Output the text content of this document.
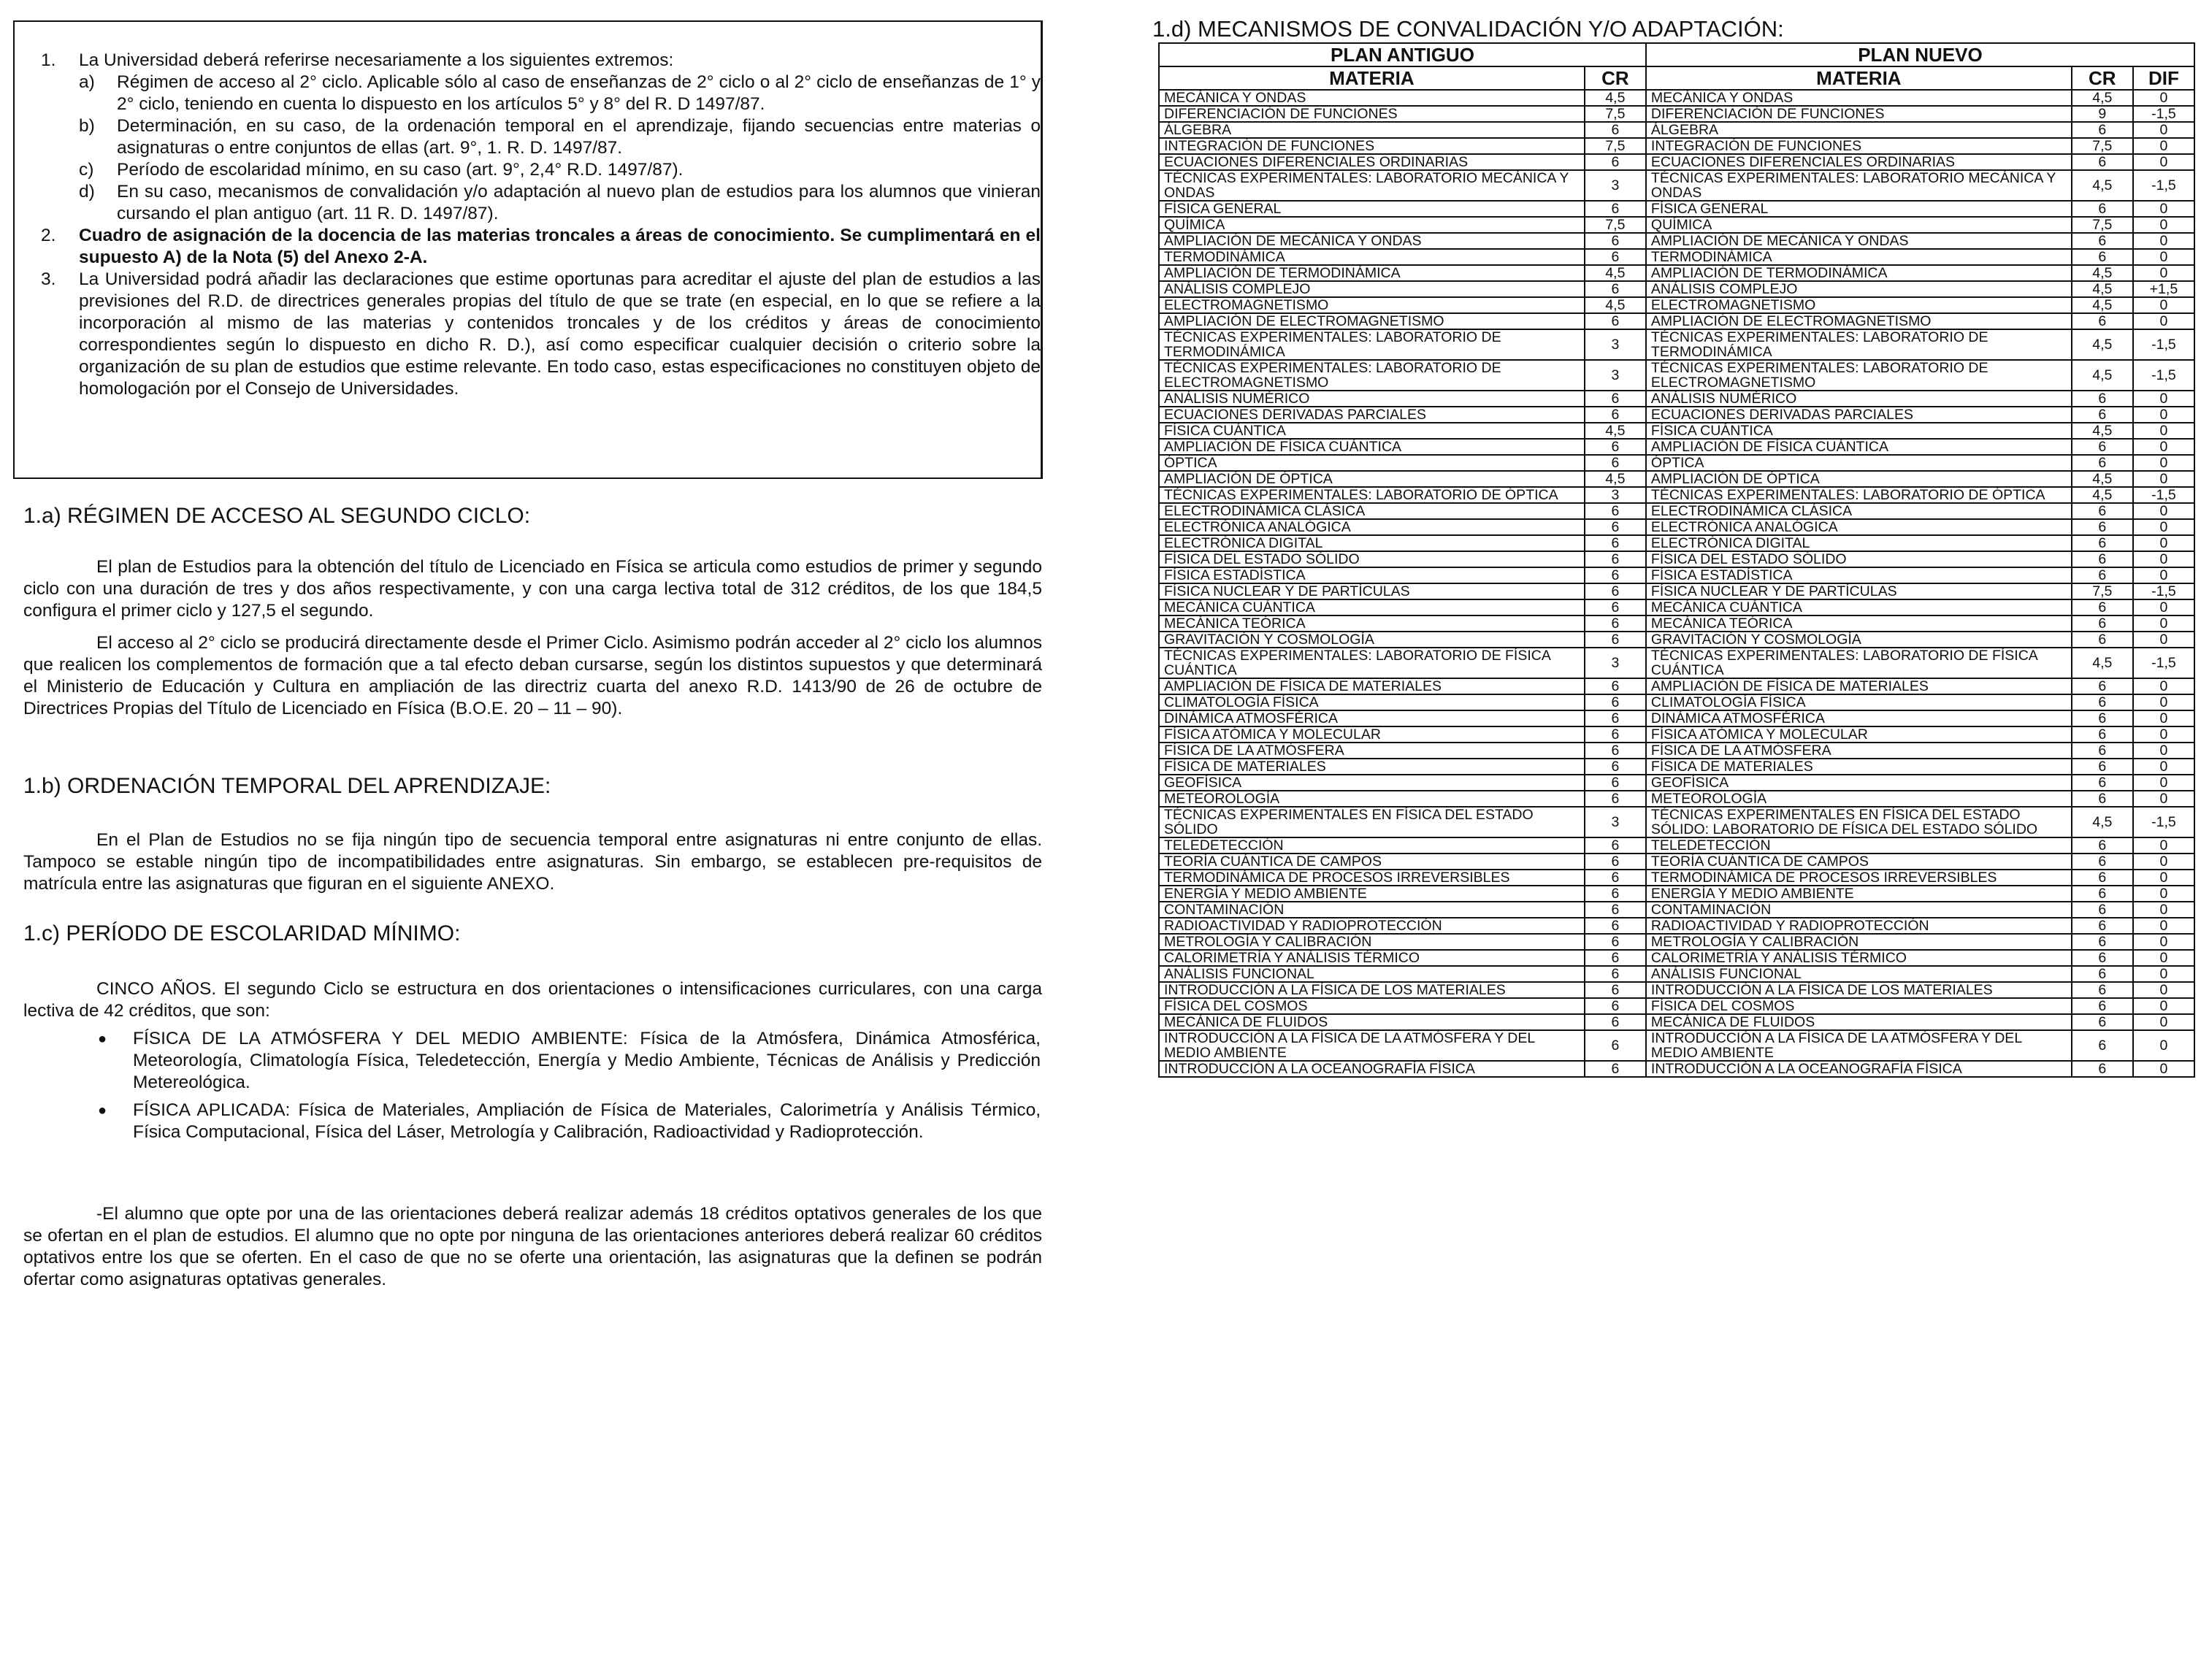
1. La Universidad deberá referirse necesariamente a los siguientes extremos:

a) Régimen de acceso al 2° ciclo. Aplicable sólo al caso de enseñanzas de 2° ciclo o al 2° ciclo de enseñanzas de 1° y 2° ciclo, teniendo en cuenta lo dispuesto en los artículos 5° y 8° del R. D 1497/87.
b) Determinación, en su caso, de la ordenación temporal en el aprendizaje, fijando secuencias entre materias o asignaturas o entre conjuntos de ellas (art. 9°, 1. R. D. 1497/87.
c) Período de escolaridad mínimo, en su caso (art. 9°, 2,4° R.D. 1497/87).
d) En su caso, mecanismos de convalidación y/o adaptación al nuevo plan de estudios para los alumnos que vinieran cursando el plan antiguo (art. 11 R. D. 1497/87).
2. Cuadro de asignación de la docencia de las materias troncales a áreas de conocimiento. Se cumplimentará en el supuesto A) de la Nota (5) del Anexo 2-A.

3. La Universidad podrá añadir las declaraciones que estime oportunas para acreditar el ajuste del plan de estudios a las previsiones del R.D. de directrices generales propias del título de que se trate (en especial, en lo que se refiere a la incorporación al mismo de las materias y contenidos troncales y de los créditos y áreas de conocimiento correspondientes según lo dispuesto en dicho R. D.), así como especificar cualquier decisión o criterio sobre la organización de su plan de estudios que estime relevante. En todo caso, estas especificaciones no constituyen objeto de homologación por el Consejo de Universidades.

1.a) RÉGIMEN DE ACCESO AL SEGUNDO CICLO:

El plan de Estudios para la obtención del título de Licenciado en Física se articula como estudios de primer y segundo ciclo con una duración de tres y dos años respectivamente, y con una carga lectiva total de 312 créditos, de los que 184,5 configura el primer ciclo y 127,5 el segundo.

El acceso al 2° ciclo se producirá directamente desde el Primer Ciclo. Asimismo podrán acceder al 2° ciclo los alumnos que realicen los complementos de formación que a tal efecto deban cursarse, según los distintos supuestos y que determinará el Ministerio de Educación y Cultura en ampliación de las directriz cuarta del anexo R.D. 1413/90 de 26 de octubre de Directrices Propias del Título de Licenciado en Física (B.O.E. 20 – 11 – 90).

1.b) ORDENACIÓN TEMPORAL DEL APRENDIZAJE:

En el Plan de Estudios no se fija ningún tipo de secuencia temporal entre asignaturas ni entre conjunto de ellas. Tampoco se estable ningún tipo de incompatibilidades entre asignaturas. Sin embargo, se establecen pre-requisitos de matrícula entre las asignaturas que figuran en el siguiente ANEXO.

1.c) PERÍODO DE ESCOLARIDAD MÍNIMO:

CINCO AÑOS. El segundo Ciclo se estructura en dos orientaciones o intensificaciones curriculares, con una carga lectiva de 42 créditos, que son:

● FÍSICA DE LA ATMÓSFERA Y DEL MEDIO AMBIENTE: Física de la Atmósfera, Dinámica Atmosférica, Meteorología, Climatología Física, Teledetección, Energía y Medio Ambiente, Técnicas de Análisis y Predicción Metereológica.
● FÍSICA APLICADA: Física de Materiales, Ampliación de Física de Materiales, Calorimetría y Análisis Térmico, Física Computacional, Física del Láser, Metrología y Calibración, Radioactividad y Radioprotección.

-El alumno que opte por una de las orientaciones deberá realizar además 18 créditos optativos generales de los que se ofertan en el plan de estudios. El alumno que no opte por ninguna de las orientaciones anteriores deberá realizar 60 créditos optativos entre los que se oferten. En el caso de que no se oferte una orientación, las asignaturas que la definen se podrán ofertar como asignaturas optativas generales.

1.d) MECANISMOS DE CONVALIDACIÓN Y/O ADAPTACIÓN:
PLAN ANTIGUO		PLAN NUEVO		
MATERIA	CR	MATERIA	CR	DIF
MECÁNICA Y ONDAS	4,5	MECÁNICA Y ONDAS	4,5	0
DIFERENCIACIÓN DE FUNCIONES	7,5	DIFERENCIACIÓN DE FUNCIONES	9	-1,5
ÁLGEBRA	6	ÁLGEBRA	6	0
INTEGRACIÓN DE FUNCIONES	7,5	INTEGRACIÓN DE FUNCIONES	7,5	0
ECUACIONES DIFERENCIALES ORDINARIAS	6	ECUACIONES DIFERENCIALES ORDINARIAS	6	0
TÉCNICAS EXPERIMENTALES: LABORATORIO MECÁNICA Y ONDAS	3	TÉCNICAS EXPERIMENTALES: LABORATORIO MECÁNICA Y ONDAS	4,5	-1,5
FÍSICA GENERAL	6	FÍSICA GENERAL	6	0
QUÍMICA	7,5	QUÍMICA	7,5	0
AMPLIACIÓN DE MECÁNICA Y ONDAS	6	AMPLIACIÓN DE MECÁNICA Y ONDAS	6	0
TERMODINÁMICA	6	TERMODINÁMICA	6	0
AMPLIACIÓN DE TERMODINÁMICA	4,5	AMPLIACIÓN DE TERMODINÁMICA	4,5	0
ANÁLISIS COMPLEJO	6	ANÁLISIS COMPLEJO	4,5	+1,5
ELECTROMAGNETISMO	4,5	ELECTROMAGNETISMO	4,5	0
AMPLIACIÓN DE ELECTROMAGNETISMO	6	AMPLIACIÓN DE ELECTROMAGNETISMO	6	0
TÉCNICAS EXPERIMENTALES: LABORATORIO DE TERMODINÁMICA	3	TÉCNICAS EXPERIMENTALES: LABORATORIO DE TERMODINÁMICA	4,5	-1,5
TÉCNICAS EXPERIMENTALES: LABORATORIO DE ELECTROMAGNETISMO	3	TÉCNICAS EXPERIMENTALES: LABORATORIO DE ELECTROMAGNETISMO	4,5	-1,5
ANÁLISIS NUMÉRICO	6	ANÁLISIS NUMÉRICO	6	0
ECUACIONES DERIVADAS PARCIALES	6	ECUACIONES DERIVADAS PARCIALES	6	0
FÍSICA CUÁNTICA	4,5	FÍSICA CUÁNTICA	4,5	0
AMPLIACIÓN DE FÍSICA CUÁNTICA	6	AMPLIACIÓN DE FÍSICA CUÁNTICA	6	0
ÓPTICA	6	ÓPTICA	6	0
AMPLIACIÓN DE ÓPTICA	4,5	AMPLIACIÓN DE ÓPTICA	4,5	0
TÉCNICAS EXPERIMENTALES: LABORATORIO DE ÓPTICA	3	TÉCNICAS EXPERIMENTALES: LABORATORIO DE ÓPTICA	4,5	-1,5
ELECTRODINÁMICA CLÁSICA	6	ELECTRODINÁMICA CLÁSICA	6	0
ELECTRÓNICA ANALÓGICA	6	ELECTRÓNICA ANALÓGICA	6	0
ELECTRÓNICA DIGITAL	6	ELECTRÓNICA DIGITAL	6	0
FÍSICA DEL ESTADO SÓLIDO	6	FÍSICA DEL ESTADO SÓLIDO	6	0
FÍSICA ESTADÍSTICA	6	FÍSICA ESTADÍSTICA	6	0
FÍSICA NUCLEAR Y DE PARTÍCULAS	6	FÍSICA NUCLEAR Y DE PARTÍCULAS	7,5	-1,5
MECÁNICA CUÁNTICA	6	MECÁNICA CUÁNTICA	6	0
MECÁNICA TEÓRICA	6	MECÁNICA TEÓRICA	6	0
GRAVITACIÓN Y COSMOLOGÍA	6	GRAVITACIÓN Y COSMOLOGÍA	6	0
TÉCNICAS EXPERIMENTALES: LABORATORIO DE FÍSICA CUÁNTICA	3	TÉCNICAS EXPERIMENTALES: LABORATORIO DE FÍSICA CUÁNTICA	4,5	-1,5
AMPLIACIÓN DE FÍSICA DE MATERIALES	6	AMPLIACIÓN DE FÍSICA DE MATERIALES	6	0
CLIMATOLOGÍA FÍSICA	6	CLIMATOLOGÍA FÍSICA	6	0
DINÁMICA ATMOSFÉRICA	6	DINÁMICA ATMOSFÉRICA	6	0
FÍSICA ATÓMICA Y MOLECULAR	6	FÍSICA ATÓMICA Y MOLECULAR	6	0
FÍSICA DE LA ATMÓSFERA	6	FÍSICA DE LA ATMÓSFERA	6	0
FÍSICA DE MATERIALES	6	FÍSICA DE MATERIALES	6	0
GEOFÍSICA	6	GEOFÍSICA	6	0
METEOROLOGÍA	6	METEOROLOGÍA	6	0
TÉCNICAS EXPERIMENTALES EN FÍSICA DEL ESTADO SÓLIDO	3	TÉCNICAS EXPERIMENTALES EN FÍSICA DEL ESTADO SÓLIDO: LABORATORIO DE FÍSICA DEL ESTADO SÓLIDO	4,5	-1,5
TELEDETECCIÓN	6	TELEDETECCIÓN	6	0
TEORÍA CUÁNTICA DE CAMPOS	6	TEORÍA CUÁNTICA DE CAMPOS	6	0
TERMODINÁMICA DE PROCESOS IRREVERSIBLES	6	TERMODINÁMICA DE PROCESOS IRREVERSIBLES	6	0
ENERGÍA Y MEDIO AMBIENTE	6	ENERGÍA Y MEDIO AMBIENTE	6	0
CONTAMINACIÓN	6	CONTAMINACIÓN	6	0
RADIOACTIVIDAD Y RADIOPROTECCIÓN	6	RADIOACTIVIDAD Y RADIOPROTECCIÓN	6	0
METROLOGÍA Y CALIBRACIÓN	6	METROLOGÍA Y CALIBRACIÓN	6	0
CALORIMETRÍA Y ANÁLISIS TÉRMICO	6	CALORIMETRÍA Y ANÁLISIS TÉRMICO	6	0
ANÁLISIS FUNCIONAL	6	ANÁLISIS FUNCIONAL	6	0
INTRODUCCIÓN A LA FÍSICA DE LOS MATERIALES	6	INTRODUCCIÓN A LA FÍSICA DE LOS MATERIALES	6	0
FÍSICA DEL COSMOS	6	FÍSICA DEL COSMOS	6	0
MECÁNICA DE FLUIDOS	6	MECÁNICA DE FLUIDOS	6	0
INTRODUCCIÓN A LA FÍSICA DE LA ATMÓSFERA Y DEL MEDIO AMBIENTE	6	INTRODUCCIÓN A LA FÍSICA DE LA ATMÓSFERA Y DEL MEDIO AMBIENTE	6	0
INTRODUCCIÓN A LA OCEANOGRAFÍA FÍSICA	6	INTRODUCCIÓN A LA OCEANOGRAFÍA FÍSICA	6	0
